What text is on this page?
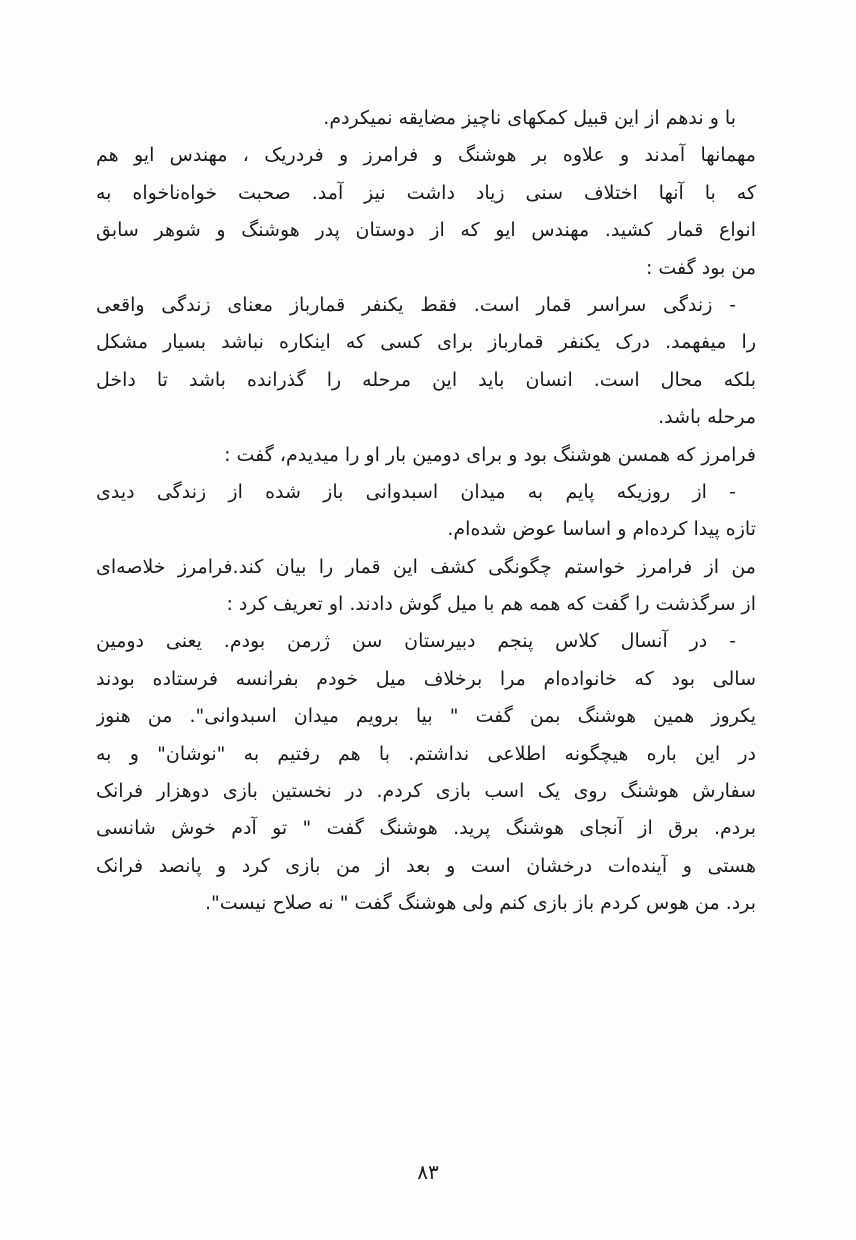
با و ندهم از این قبیل کمکهای ناچیز مضایقه نمیکردم.
مهمانها آمدند و علاوه بر هوشنگ و فرامرز و فردریک ، مهندس ایو هم
که با آنها اختلاف سنی زیاد داشت نیز آمد. صحبت خواه‌ناخواه به
انواع قمار کشید. مهندس ایو که از دوستان پدر هوشنگ و شوهر سابق
من بود گفت :
- زندگی سراسر قمار است. فقط یکنفر قمارباز معنای زندگی واقعی
را میفهمد. درک یکنفر قمارباز برای کسی که اینکاره نباشد بسیار مشکل
بلکه محال است. انسان باید این مرحله را گذرانده باشد تا داخل
مرحله باشد.
فرامرز که همسن هوشنگ بود و برای دومین بار او را میدیدم، گفت :
- از روزیکه پایم به میدان اسبدوانی باز شده از زندگی دیدی
تازه پیدا کرده‌ام و اساسا عوض شده‌ام.
من از فرامرز خواستم چگونگی کشف این قمار را بیان کند.فرامرز خلاصه‌ای
از سرگذشت را گفت که همه هم با میل گوش دادند. او تعریف کرد :
- در آنسال کلاس پنجم دبیرستان سن ژرمن بودم. یعنی دومین
سالی بود که خانواده‌ام مرا برخلاف میل خودم بفرانسه فرستاده بودند
یکروز همین هوشنگ بمن گفت " بیا برویم میدان اسبدوانی". من هنوز
در این باره هیچگونه اطلاعی نداشتم. با هم رفتیم به "نوشان" و به
سفارش هوشنگ روی یک اسب بازی کردم. در نخستین بازی دوهزار فرانک
بردم. برق از آنجای هوشنگ پرید. هوشنگ گفت " تو آدم خوش شانسی
هستی و آینده‌ات درخشان است و بعد از من بازی کرد و پانصد فرانک
برد. من هوس کردم باز بازی کنم ولی هوشنگ گفت " نه صلاح نیست".
۸۳
